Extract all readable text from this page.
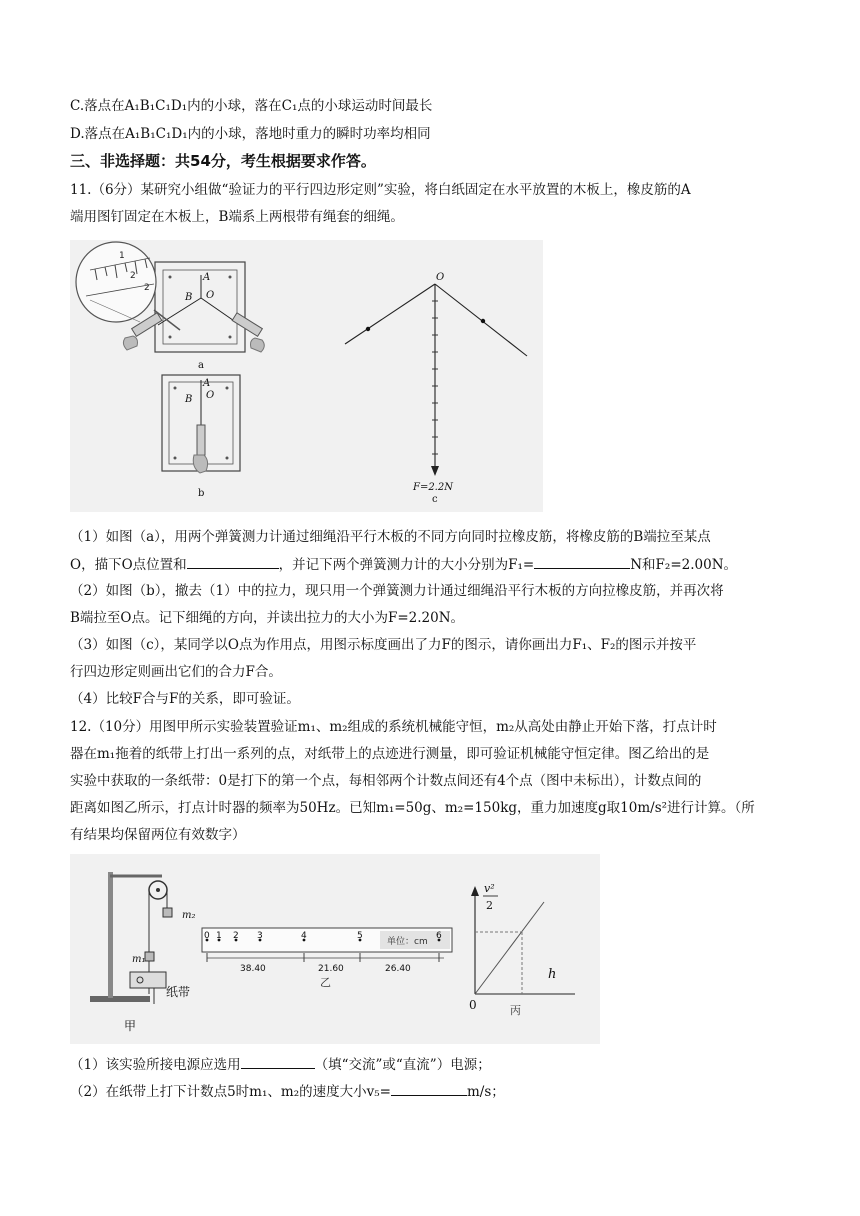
C.落点在A₁B₁C₁D₁内的小球，落在C₁点的小球运动时间最长
D.落点在A₁B₁C₁D₁内的小球，落地时重力的瞬时功率均相同
三、非选择题：共54分，考生根据要求作答。
11.（6分）某研究小组做“验证力的平行四边形定则”实验，将白纸固定在水平放置的木板上，橡皮筋的A
端用图钉固定在木板上，B端系上两根带有绳套的细绳。
1
2
2
A
B O
a
A
B O
b
O
F=2.2N
c
（1）如图（a），用两个弹簧测力计通过细绳沿平行木板的不同方向同时拉橡皮筋，将橡皮筋的B端拉至某点
O，描下O点位置和	，并记下两个弹簧测力计的大小分别为F₁=	N和F₂=2.00N。
（2）如图（b），撤去（1）中的拉力，现只用一个弹簧测力计通过细绳沿平行木板的方向拉橡皮筋，并再次将
B端拉至O点。记下细绳的方向，并读出拉力的大小为F=2.20N。
（3）如图（c），某同学以O点为作用点，用图示标度画出了力F的图示，请你画出力F₁、F₂的图示并按平
行四边形定则画出它们的合力F合。
（4）比较F合与F的关系，即可验证。
12.（10分）用图甲所示实验装置验证m₁、m₂组成的系统机械能守恒，m₂从高处由静止开始下落，打点计时
器在m₁拖着的纸带上打出一系列的点，对纸带上的点迹进行测量，即可验证机械能守恒定律。图乙给出的是
实验中获取的一条纸带：0是打下的第一个点，每相邻两个计数点间还有4个点（图中未标出），计数点间的
距离如图乙所示，打点计时器的频率为50Hz。已知m₁=50g、m₂=150kg，重力加速度g取10m/s²进行计算。（所
有结果均保留两位有效数字）
m₂
m₁
纸带
甲
0 1 2 3	4	5	6
单位：cm
38.40	21.60	26.40
乙
v²
2
h
0	丙
（1）该实验所接电源应选用	（填“交流”或“直流”）电源；
（2）在纸带上打下计数点5时m₁、m₂的速度大小v₅=	m/s；
